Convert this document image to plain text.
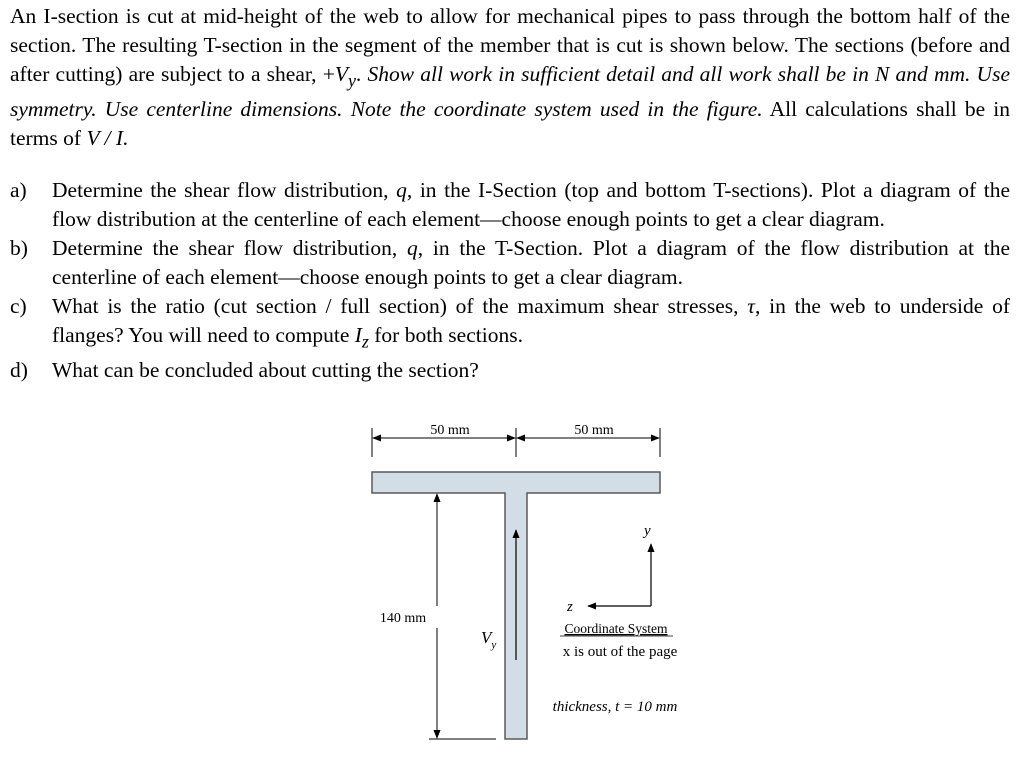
An I-section is cut at mid-height of the web to allow for mechanical pipes to pass through the bottom half of the section. The resulting T-section in the segment of the member that is cut is shown below. The sections (before and after cutting) are subject to a shear, $+V_y$. Show all work in sufficient detail and all work shall be in N and mm. Use symmetry. Use centerline dimensions. Note the coordinate system used in the figure. All calculations shall be in terms of V / I.

a) Determine the shear flow distribution, q, in the I-Section (top and bottom T-sections). Plot a diagram of the flow distribution at the centerline of each element—choose enough points to get a clear diagram.
b) Determine the shear flow distribution, q, in the T-Section. Plot a diagram of the flow distribution at the centerline of each element—choose enough points to get a clear diagram.
c) What is the ratio (cut section / full section) of the maximum shear stresses, τ, in the web to underside of flanges? You will need to compute $I_z$ for both sections.
d) What can be concluded about cutting the section?
50 mm	50 mm
140 mm
$V_y$
y
z
Coordinate System
x is out of the page
thickness, t = 10 mm
